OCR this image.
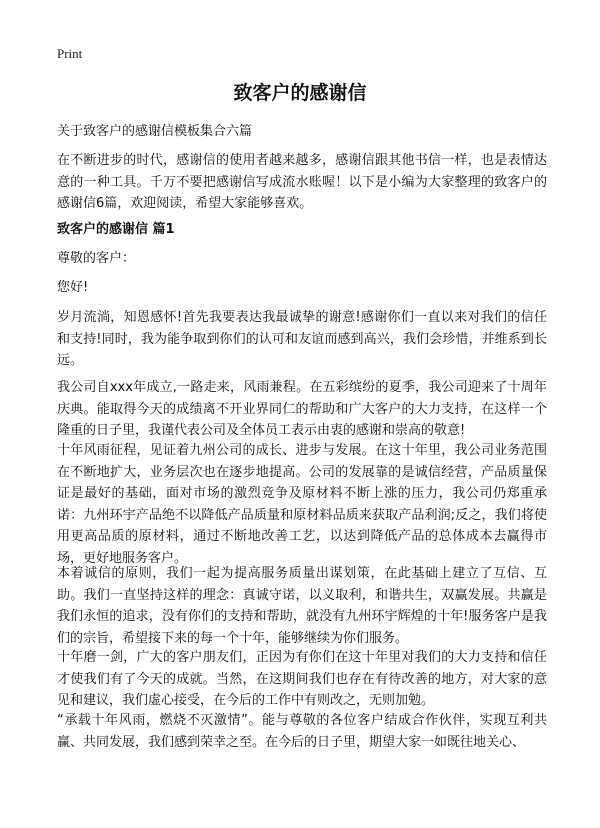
Print
致客户的感谢信

关于致客户的感谢信模板集合六篇

在不断进步的时代，感谢信的使用者越来越多，感谢信跟其他书信一样，也是表情达意的一种工具。千万不要把感谢信写成流水账喔！以下是小编为大家整理的致客户的感谢信6篇，欢迎阅读，希望大家能够喜欢。

致客户的感谢信 篇1

尊敬的客户：

您好!

岁月流淌，知恩感怀!首先我要表达我最诚挚的谢意!感谢你们一直以来对我们的信任和支持!同时，我为能争取到你们的认可和友谊而感到高兴，我们会珍惜，并维系到长远。

我公司自xxx年成立,一路走来，风雨兼程。在五彩缤纷的夏季，我公司迎来了十周年庆典。能取得今天的成绩离不开业界同仁的帮助和广大客户的大力支持，在这样一个隆重的日子里，我谨代表公司及全体员工表示由衷的感谢和崇高的敬意!

十年风雨征程，见证着九州公司的成长、进步与发展。在这十年里，我公司业务范围在不断地扩大，业务层次也在逐步地提高。公司的发展靠的是诚信经营，产品质量保证是最好的基础，面对市场的激烈竞争及原材料不断上涨的压力，我公司仍郑重承诺：九州环宇产品绝不以降低产品质量和原材料品质来获取产品利润;反之，我们将使用更高品质的原材料，通过不断地改善工艺，以达到降低产品的总体成本去赢得市场，更好地服务客户。

本着诚信的原则，我们一起为提高服务质量出谋划策，在此基础上建立了互信、互助。我们一直坚持这样的理念：真诚守诺，以义取利，和谐共生，双赢发展。共赢是我们永恒的追求，没有你们的支持和帮助，就没有九州环宇辉煌的十年!服务客户是我们的宗旨，希望接下来的每一个十年，能够继续为你们服务。

十年磨一剑，广大的客户朋友们，正因为有你们在这十年里对我们的大力支持和信任才使我们有了今天的成就。当然，在这期间我们也存在有待改善的地方，对大家的意见和建议，我们虚心接受，在今后的工作中有则改之，无则加勉。

“承载十年风雨，燃烧不灭激情”。能与尊敬的各位客户结成合作伙伴，实现互利共赢、共同发展，我们感到荣幸之至。在今后的日子里，期望大家一如既往地关心、
